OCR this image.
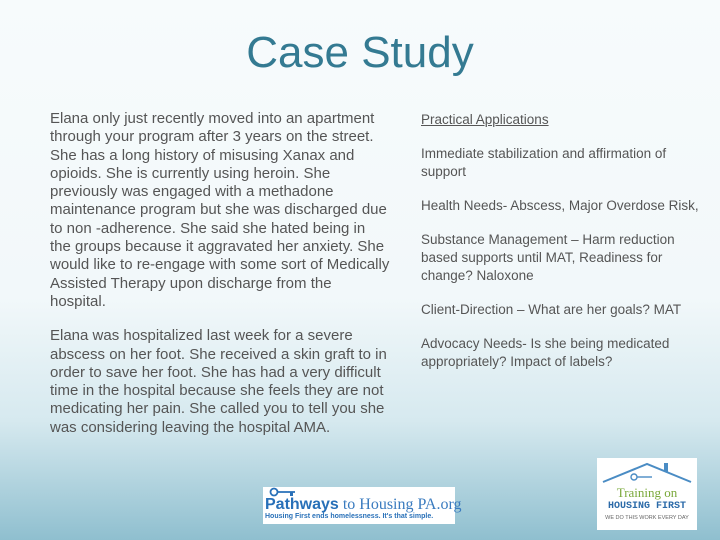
Case Study

Elana only just recently moved into an apartment through your program after 3 years on the street. She has a long history of misusing Xanax and opioids. She is currently using heroin. She previously was engaged with a methadone maintenance program but she was discharged due to non -adherence. She said she hated being in the groups because it aggravated her anxiety. She would like to re-engage with some sort of Medically Assisted Therapy upon discharge from the hospital.

Elana was hospitalized last week for a severe abscess on her foot. She received a skin graft to in order to save her foot. She has had a very difficult time in the hospital because she feels they are not medicating her pain. She called you to tell you she was considering leaving the hospital AMA.

Practical Applications

Immediate stabilization and affirmation of support

Health Needs- Abscess, Major Overdose Risk,

Substance Management – Harm reduction based supports until MAT, Readiness for change? Naloxone

Client-Direction – What are her goals? MAT

Advocacy Needs- Is she being medicated appropriately? Impact of labels?

Pathways to Housing PA.org
Housing First ends homelessness. It's that simple.
Training on
HOUSING FIRST
WE DO THIS WORK EVERY DAY
